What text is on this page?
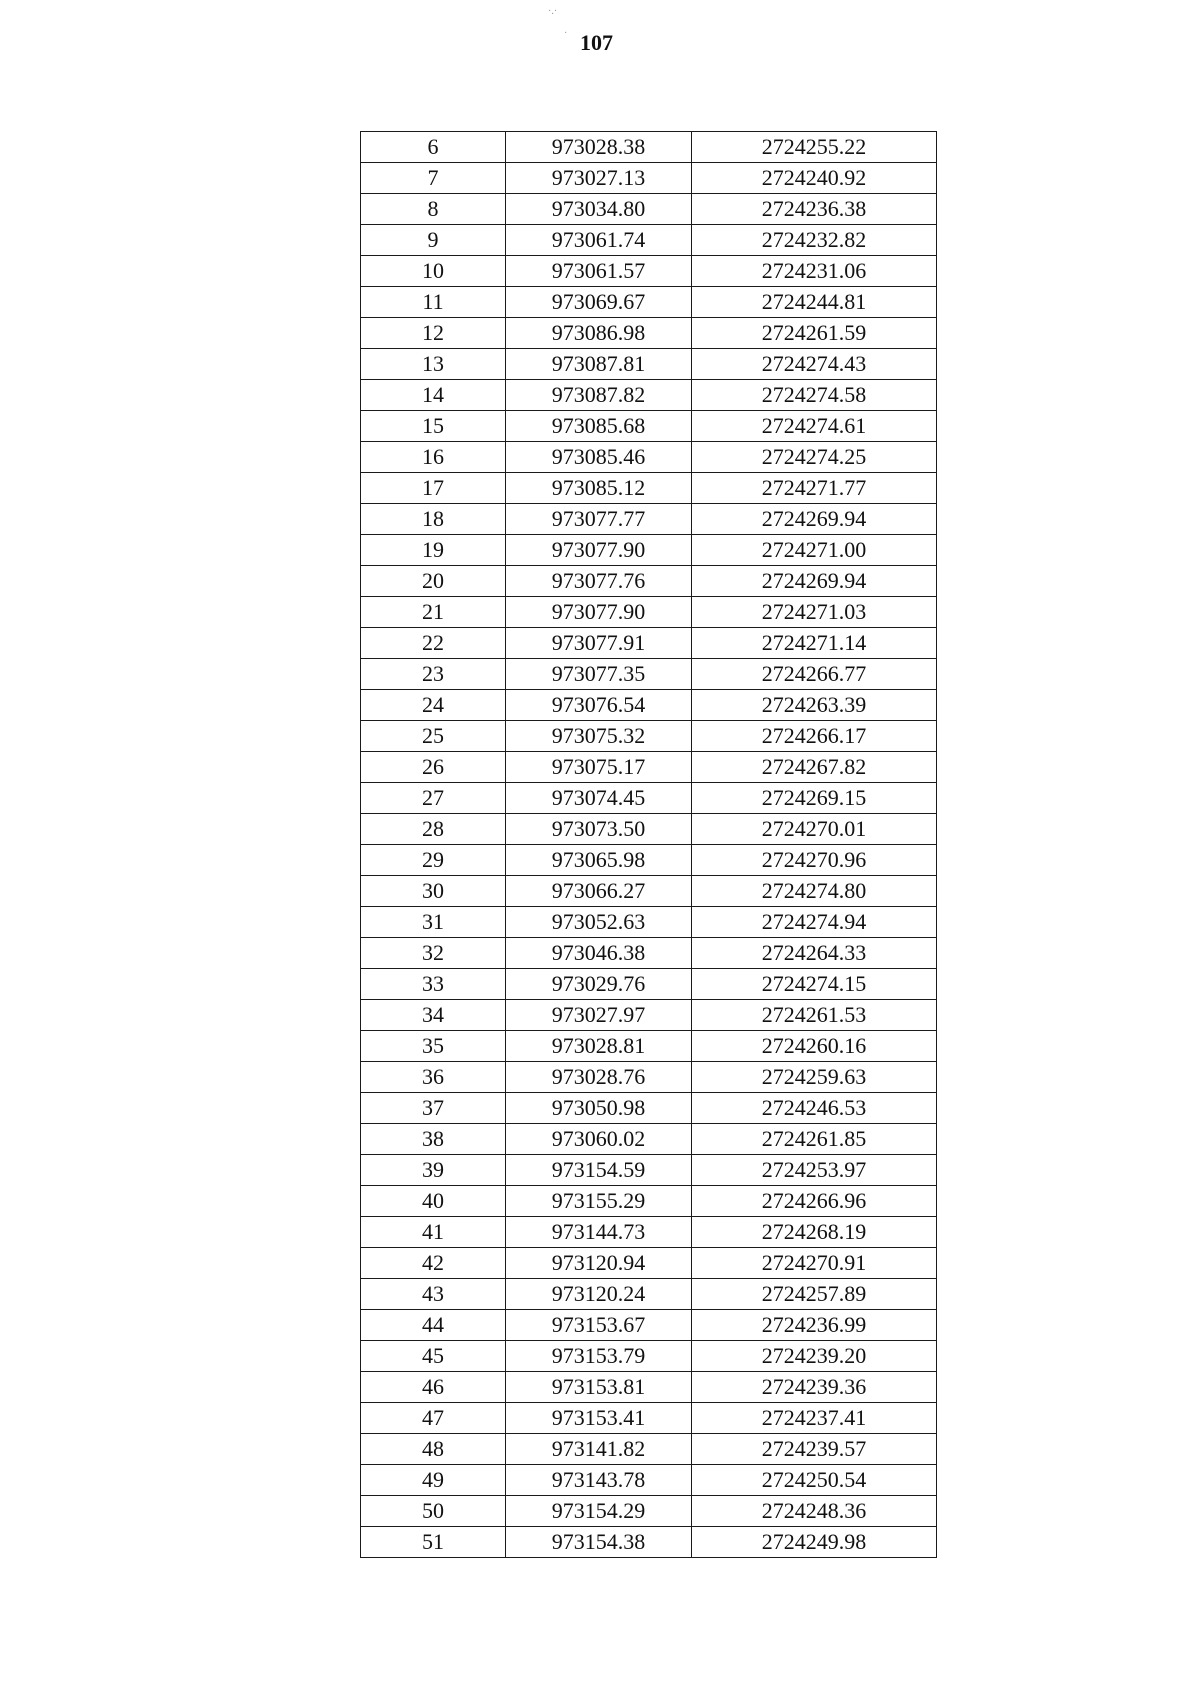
·.·
· 107
6	973028.38	2724255.22
7	973027.13	2724240.92
8	973034.80	2724236.38
9	973061.74	2724232.82
10	973061.57	2724231.06
11	973069.67	2724244.81
12	973086.98	2724261.59
13	973087.81	2724274.43
14	973087.82	2724274.58
15	973085.68	2724274.61
16	973085.46	2724274.25
17	973085.12	2724271.77
18	973077.77	2724269.94
19	973077.90	2724271.00
20	973077.76	2724269.94
21	973077.90	2724271.03
22	973077.91	2724271.14
23	973077.35	2724266.77
24	973076.54	2724263.39
25	973075.32	2724266.17
26	973075.17	2724267.82
27	973074.45	2724269.15
28	973073.50	2724270.01
29	973065.98	2724270.96
30	973066.27	2724274.80
31	973052.63	2724274.94
32	973046.38	2724264.33
33	973029.76	2724274.15
34	973027.97	2724261.53
35	973028.81	2724260.16
36	973028.76	2724259.63
37	973050.98	2724246.53
38	973060.02	2724261.85
39	973154.59	2724253.97
40	973155.29	2724266.96
41	973144.73	2724268.19
42	973120.94	2724270.91
43	973120.24	2724257.89
44	973153.67	2724236.99
45	973153.79	2724239.20
46	973153.81	2724239.36
47	973153.41	2724237.41
48	973141.82	2724239.57
49	973143.78	2724250.54
50	973154.29	2724248.36
51	973154.38	2724249.98
